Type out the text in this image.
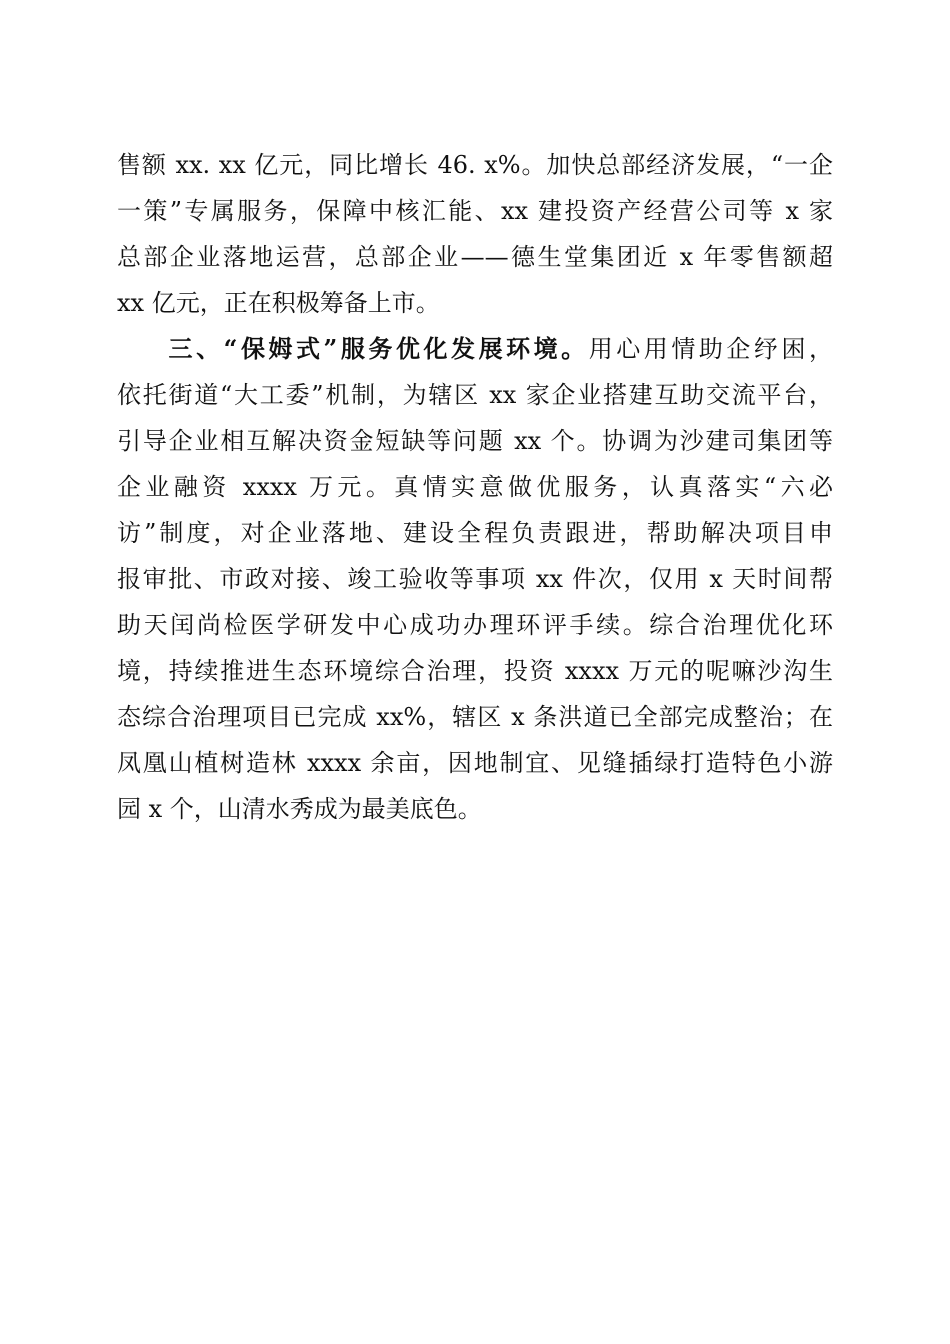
售额 xx. xx 亿元，同比增长 46. x%。加快总部经济发展，“一企
一策”专属服务，保障中核汇能、xx 建投资产经营公司等 x 家
总部企业落地运营，总部企业——德生堂集团近 x 年零售额超
xx 亿元，正在积极筹备上市。
三、“保姆式”服务优化发展环境。用心用情助企纾困，
依托街道“大工委”机制，为辖区 xx 家企业搭建互助交流平台，
引导企业相互解决资金短缺等问题 xx 个。协调为沙建司集团等
企业融资 xxxx 万元。真情实意做优服务，认真落实“六必
访”制度，对企业落地、建设全程负责跟进，帮助解决项目申
报审批、市政对接、竣工验收等事项 xx 件次，仅用 x 天时间帮
助天闰尚检医学研发中心成功办理环评手续。综合治理优化环
境，持续推进生态环境综合治理，投资 xxxx 万元的呢嘛沙沟生
态综合治理项目已完成 xx%，辖区 x 条洪道已全部完成整治；在
凤凰山植树造林 xxxx 余亩，因地制宜、见缝插绿打造特色小游
园 x 个，山清水秀成为最美底色。
